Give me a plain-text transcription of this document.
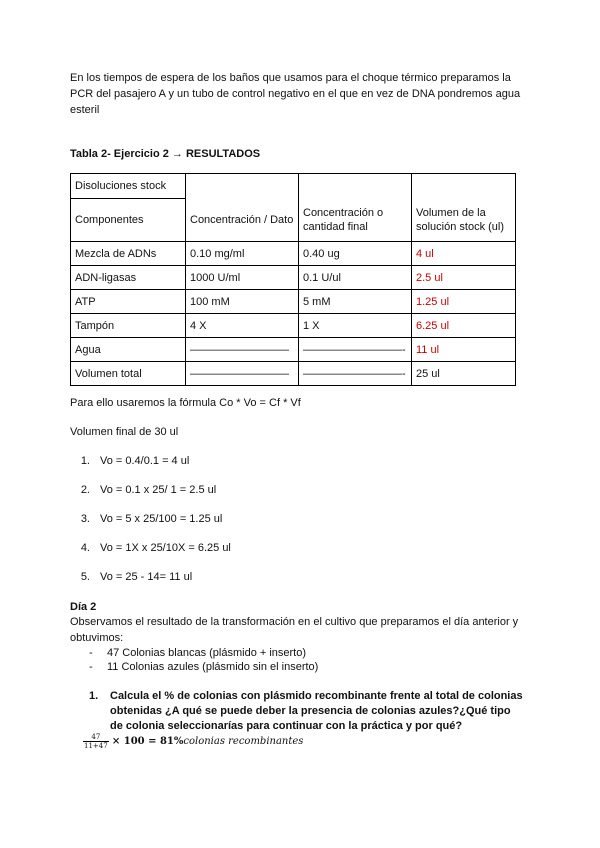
En los tiempos de espera de los baños que usamos para el choque térmico preparamos la PCR del pasajero A y un tubo de control negativo en el que en vez de DNA pondremos agua esteril

Tabla 2- Ejercicio 2 → RESULTADOS

Disoluciones stock			
Componentes	Concentración / Dato	Concentración o cantidad final	Volumen de la solución stock (ul)
Mezcla de ADNs	0.10 mg/ml	0.40 ug	4 ul
ADN-ligasas	1000 U/ml	0.1 U/ul	2.5 ul
ATP	100 mM	5 mM	1.25 ul
Tampón	4 X	1 X	6.25 ul
Agua	—————————	—————————-	11 ul
Volumen total	—————————	—————————-	25 ul

Para ello usaremos la fórmula Co * Vo = Cf * Vf

Volumen final de 30 ul

1. Vo = 0.4/0.1 = 4 ul
2. Vo = 0.1 x 25/ 1 = 2.5 ul
3. Vo = 5 x 25/100 = 1.25 ul
4. Vo = 1X x 25/10X = 6.25 ul
5. Vo = 25 - 14= 11 ul

Día 2

Observamos el resultado de la transformación en el cultivo que preparamos el día anterior y obtuvimos:

- 47 Colonias blancas (plásmido + inserto)
- 11 Colonias azules (plásmido sin el inserto)

1. Calcula el % de colonias con plásmido recombinante frente al total de colonias

obtenidas ¿A qué se puede deber la presencia de colonias azules?¿Qué tipo

de colonia seleccionarías para continuar con la práctica y por qué?

$\frac{47}{11+47} \times 100$ = 81%colonias recombinantes
